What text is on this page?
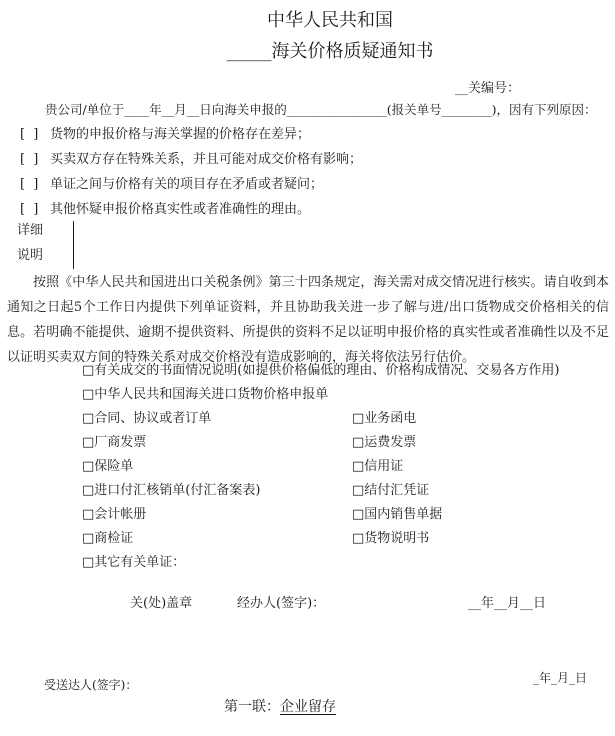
中华人民共和国
_____海关价格质疑通知书
__关编号：
贵公司/单位于____年__月__日向海关申报的________________(报关单号________)，因有下列原因：
[ ] 货物的申报价格与海关掌握的价格存在差异；
[ ] 买卖双方存在特殊关系，并且可能对成交价格有影响；
[ ] 单证之间与价格有关的项目存在矛盾或者疑问；
[ ] 其他怀疑申报价格真实性或者准确性的理由。
详细
说明
按照《中华人民共和国进出口关税条例》第三十四条规定，海关需对成交情况进行核实。请自收到本通知之日起5个工作日内提供下列单证资料，并且协助我关进一步了解与进/出口货物成交价格相关的信息。若明确不能提供、逾期不提供资料、所提供的资料不足以证明申报价格的真实性或者准确性以及不足以证明买卖双方间的特殊关系对成交价格没有造成影响的，海关将依法另行估价。
□有关成交的书面情况说明(如提供价格偏低的理由、价格构成情况、交易各方作用)
□中华人民共和国海关进口货物价格申报单
□合同、协议或者订单	□业务函电
□厂商发票	□运费发票
□保险单	□信用证
□进口付汇核销单(付汇备案表)	□结付汇凭证
□会计帐册	□国内销售单据
□商检证	□货物说明书
□其它有关单证：
关(处)盖章	经办人(签字)：	__年__月__日
受送达人(签字)：	_年_月_日
第一联：企业留存
